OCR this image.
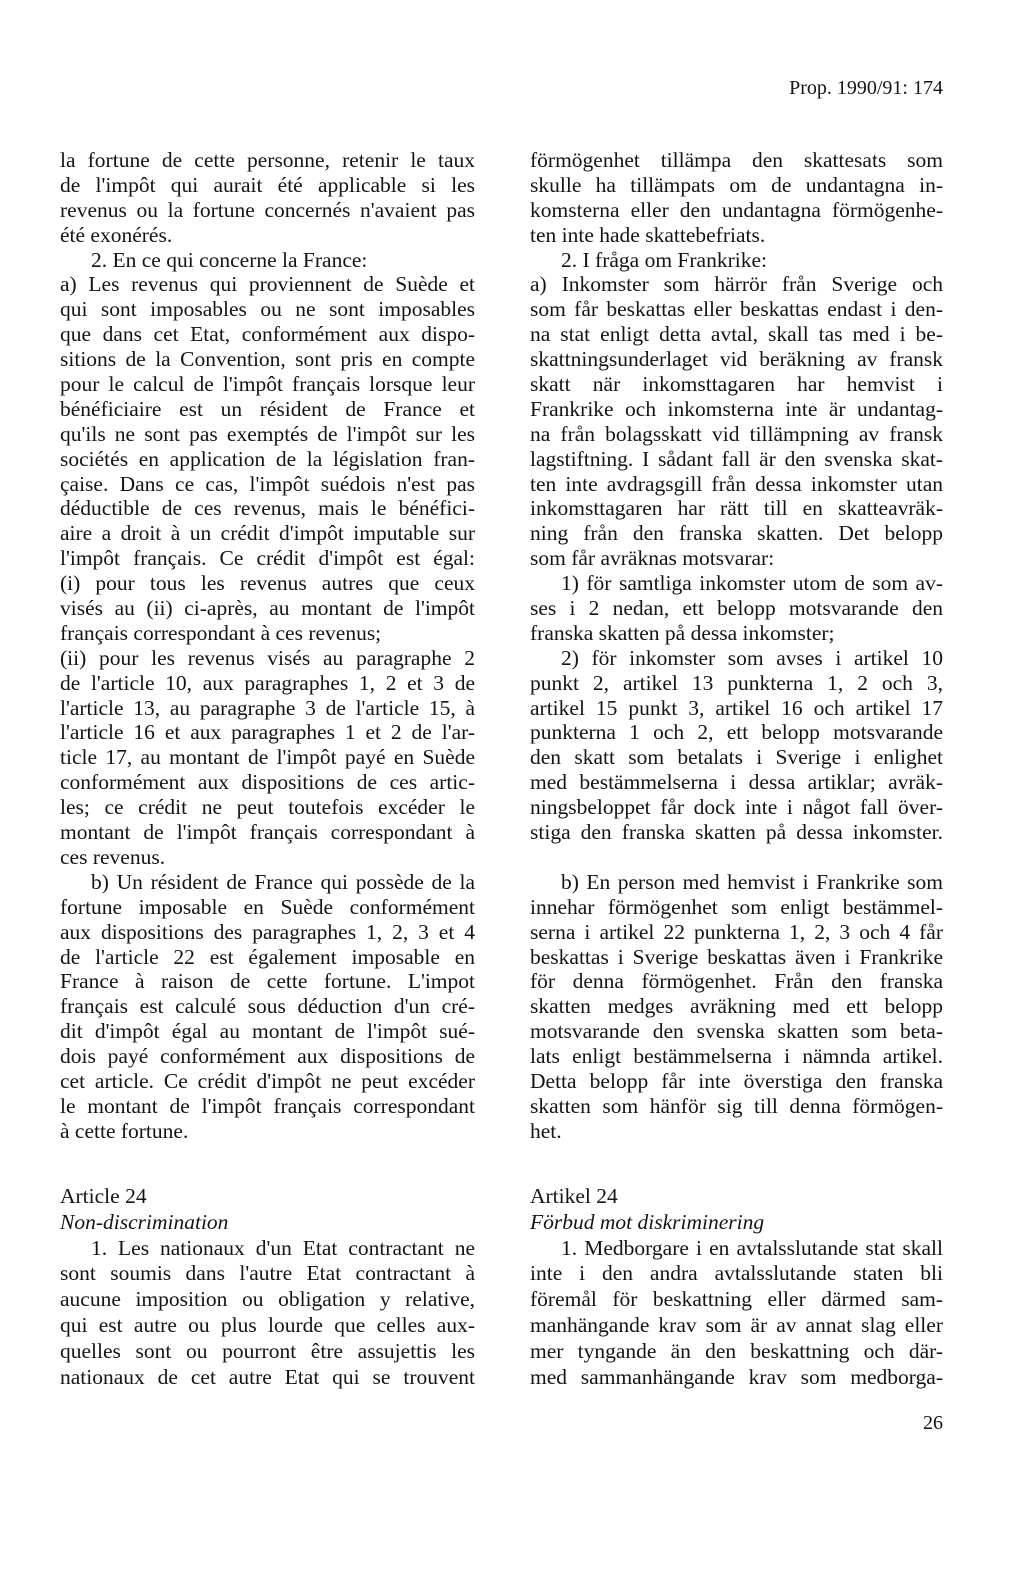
Prop. 1990/91: 174
la fortune de cette personne, retenir le taux
de l'impôt qui aurait été applicable si les
revenus ou la fortune concernés n'avaient pas
été exonérés.
2. En ce qui concerne la France:
a) Les revenus qui proviennent de Suède et
qui sont imposables ou ne sont imposables
que dans cet Etat, conformément aux dispo-
sitions de la Convention, sont pris en compte
pour le calcul de l'impôt français lorsque leur
bénéficiaire est un résident de France et
qu'ils ne sont pas exemptés de l'impôt sur les
sociétés en application de la législation fran-
çaise. Dans ce cas, l'impôt suédois n'est pas
déductible de ces revenus, mais le bénéfici-
aire a droit à un crédit d'impôt imputable sur
l'impôt français. Ce crédit d'impôt est égal:
(i) pour tous les revenus autres que ceux
visés au (ii) ci-après, au montant de l'impôt
français correspondant à ces revenus;
(ii) pour les revenus visés au paragraphe 2
de l'article 10, aux paragraphes 1, 2 et 3 de
l'article 13, au paragraphe 3 de l'article 15, à
l'article 16 et aux paragraphes 1 et 2 de l'ar-
ticle 17, au montant de l'impôt payé en Suède
conformément aux dispositions de ces artic-
les; ce crédit ne peut toutefois excéder le
montant de l'impôt français correspondant à
ces revenus.
b) Un résident de France qui possède de la
fortune imposable en Suède conformément
aux dispositions des paragraphes 1, 2, 3 et 4
de l'article 22 est également imposable en
France à raison de cette fortune. L'impot
français est calculé sous déduction d'un cré-
dit d'impôt égal au montant de l'impôt sué-
dois payé conformément aux dispositions de
cet article. Ce crédit d'impôt ne peut excéder
le montant de l'impôt français correspondant
à cette fortune.
förmögenhet tillämpa den skattesats som
skulle ha tillämpats om de undantagna in-
komsterna eller den undantagna förmögenhe-
ten inte hade skattebefriats.
2. I fråga om Frankrike:
a) Inkomster som härrör från Sverige och
som får beskattas eller beskattas endast i den-
na stat enligt detta avtal, skall tas med i be-
skattningsunderlaget vid beräkning av fransk
skatt när inkomsttagaren har hemvist i
Frankrike och inkomsterna inte är undantag-
na från bolagsskatt vid tillämpning av fransk
lagstiftning. I sådant fall är den svenska skat-
ten inte avdragsgill från dessa inkomster utan
inkomsttagaren har rätt till en skatteavräk-
ning från den franska skatten. Det belopp
som får avräknas motsvarar:
1) för samtliga inkomster utom de som av-
ses i 2 nedan, ett belopp motsvarande den
franska skatten på dessa inkomster;
2) för inkomster som avses i artikel 10
punkt 2, artikel 13 punkterna 1, 2 och 3,
artikel 15 punkt 3, artikel 16 och artikel 17
punkterna 1 och 2, ett belopp motsvarande
den skatt som betalats i Sverige i enlighet
med bestämmelserna i dessa artiklar; avräk-
ningsbeloppet får dock inte i något fall över-
stiga den franska skatten på dessa inkomster.
b) En person med hemvist i Frankrike som
innehar förmögenhet som enligt bestämmel-
serna i artikel 22 punkterna 1, 2, 3 och 4 får
beskattas i Sverige beskattas även i Frankrike
för denna förmögenhet. Från den franska
skatten medges avräkning med ett belopp
motsvarande den svenska skatten som beta-
lats enligt bestämmelserna i nämnda artikel.
Detta belopp får inte överstiga den franska
skatten som hänför sig till denna förmögen-
het.
Article 24
Non-discrimination
1. Les nationaux d'un Etat contractant ne
sont soumis dans l'autre Etat contractant à
aucune imposition ou obligation y relative,
qui est autre ou plus lourde que celles aux-
quelles sont ou pourront être assujettis les
nationaux de cet autre Etat qui se trouvent
Artikel 24
Förbud mot diskriminering
1. Medborgare i en avtalsslutande stat skall
inte i den andra avtalsslutande staten bli
föremål för beskattning eller därmed sam-
manhängande krav som är av annat slag eller
mer tyngande än den beskattning och där-
med sammanhängande krav som medborga-
26
